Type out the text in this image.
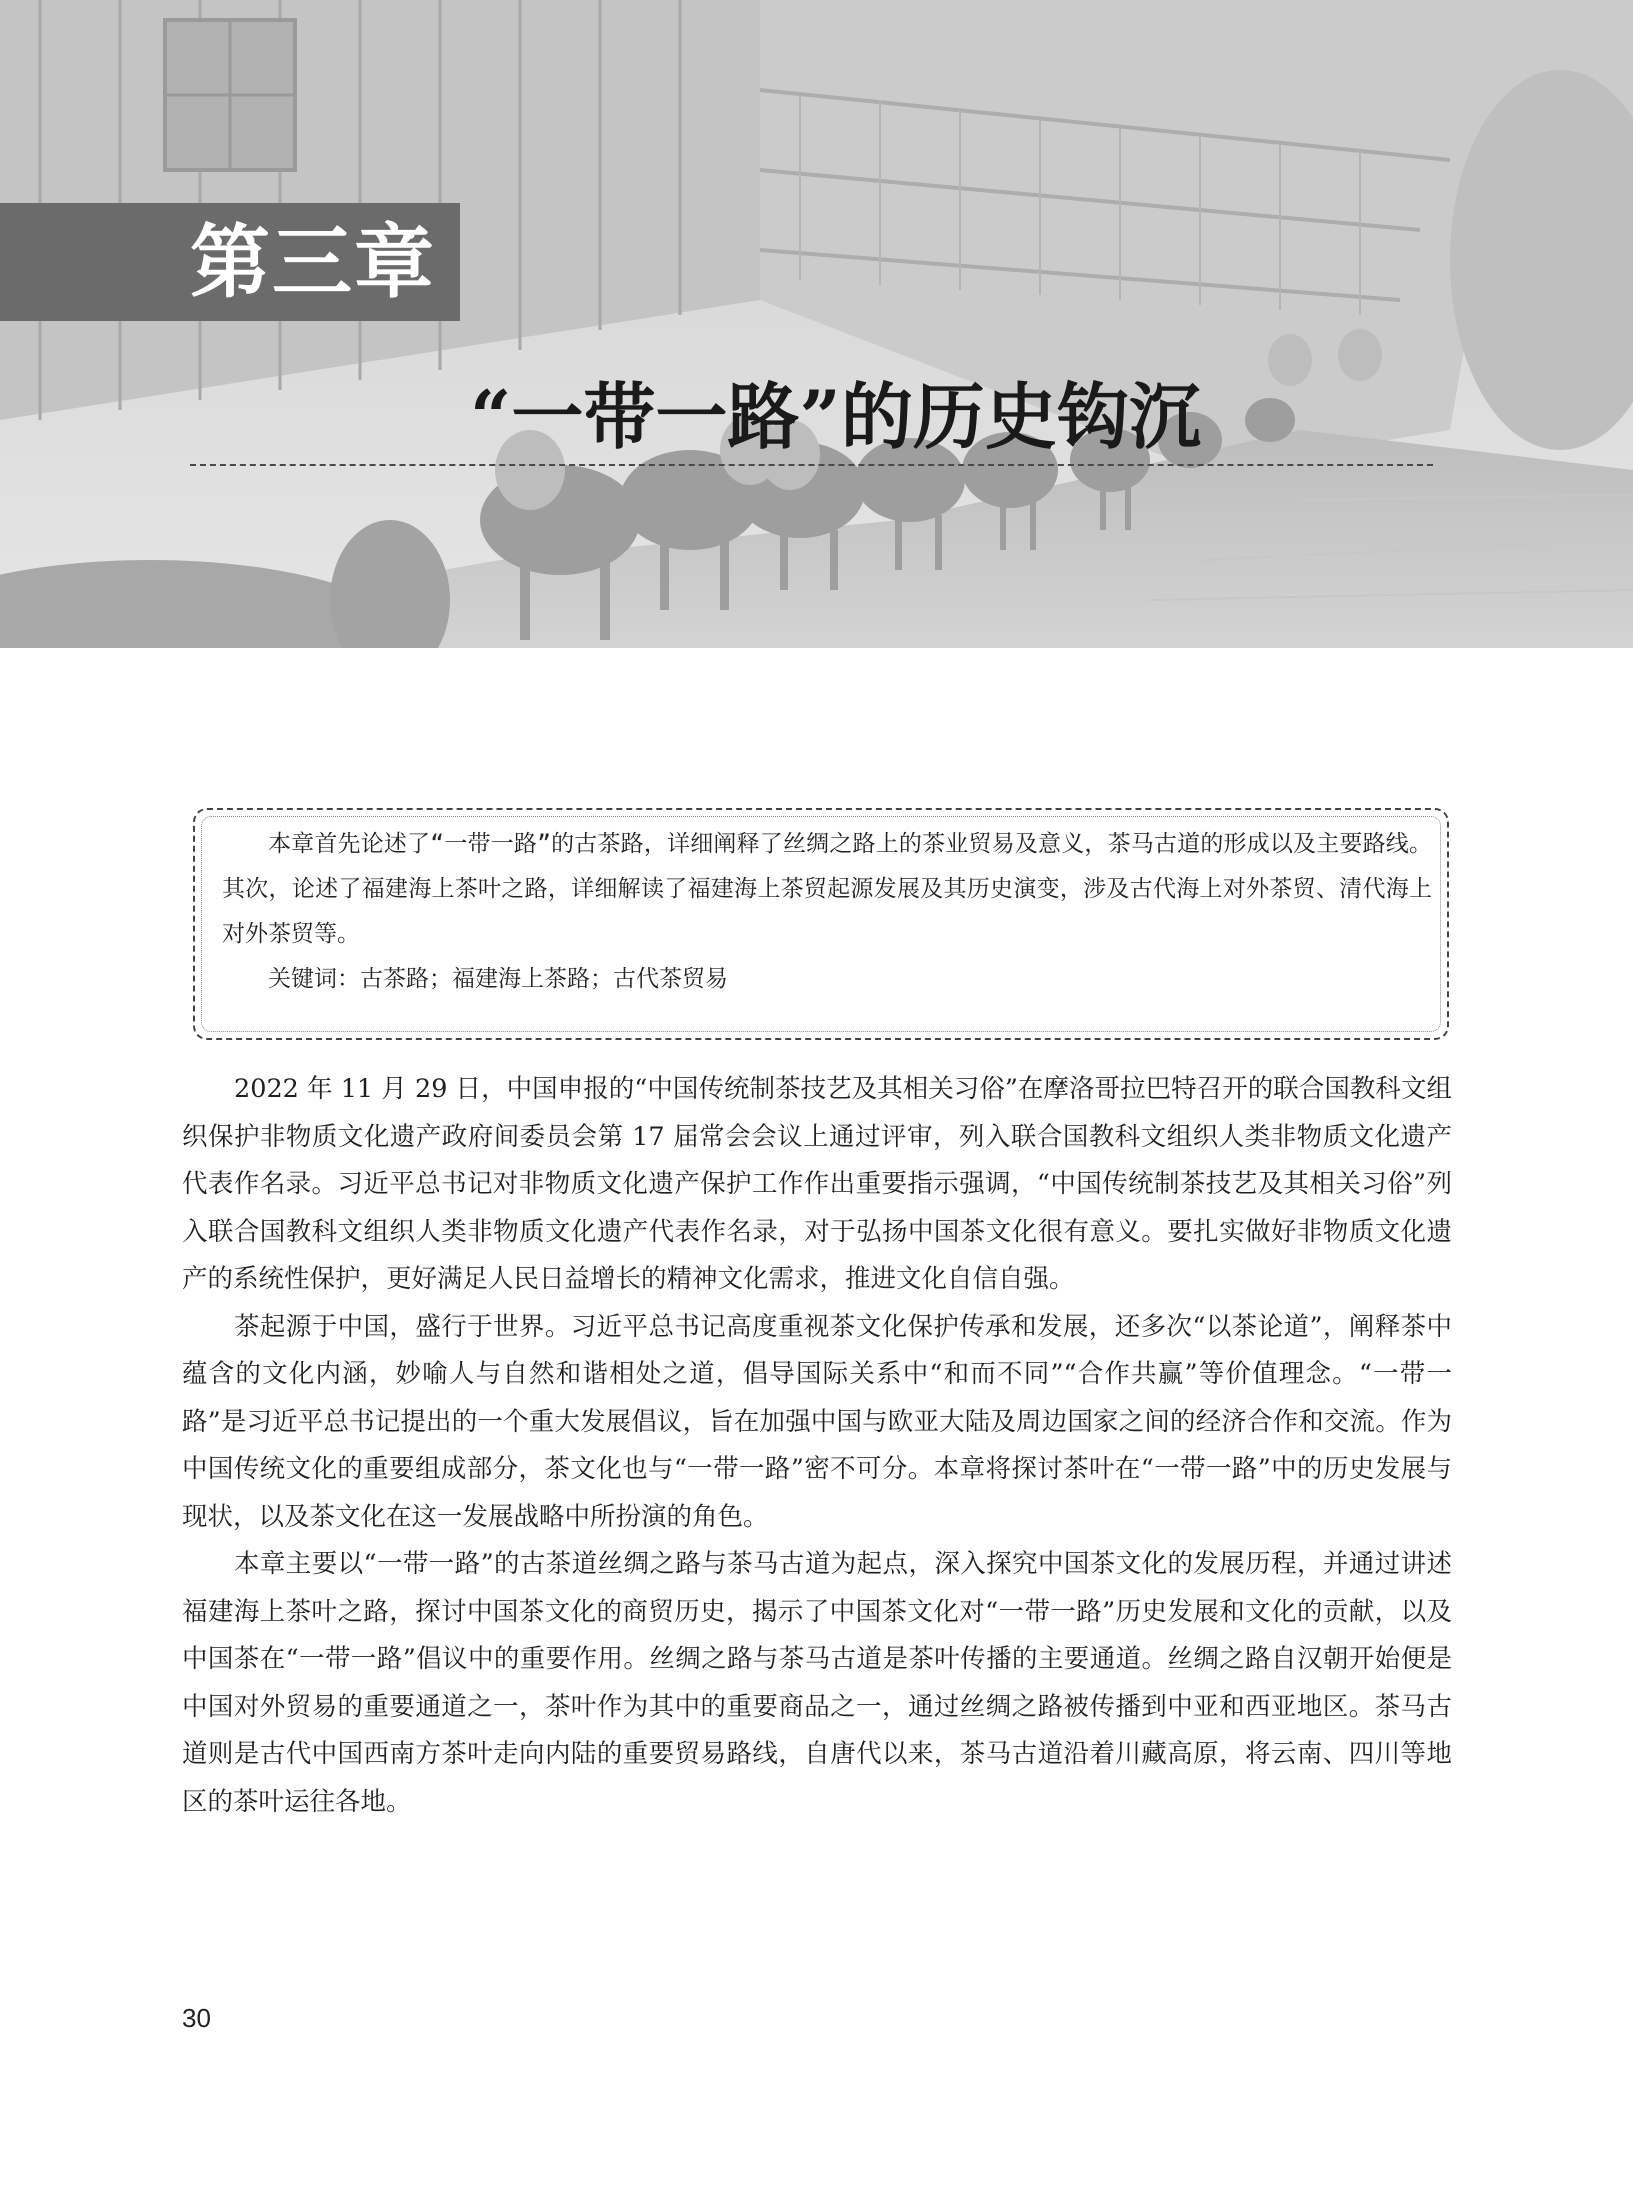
第三章
“一带一路”的历史钩沉

本章首先论述了“一带一路”的古茶路，详细阐释了丝绸之路上的茶业贸易及意义，茶马古道的形成以及主要路线。其次，论述了福建海上茶叶之路，详细解读了福建海上茶贸起源发展及其历史演变，涉及古代海上对外茶贸、清代海上对外茶贸等。

关键词：古茶路；福建海上茶路；古代茶贸易

2022 年 11 月 29 日，中国申报的“中国传统制茶技艺及其相关习俗”在摩洛哥拉巴特召开的联合国教科文组织保护非物质文化遗产政府间委员会第 17 届常会会议上通过评审，列入联合国教科文组织人类非物质文化遗产代表作名录。习近平总书记对非物质文化遗产保护工作作出重要指示强调，“中国传统制茶技艺及其相关习俗”列入联合国教科文组织人类非物质文化遗产代表作名录，对于弘扬中国茶文化很有意义。要扎实做好非物质文化遗产的系统性保护，更好满足人民日益增长的精神文化需求，推进文化自信自强。

茶起源于中国，盛行于世界。习近平总书记高度重视茶文化保护传承和发展，还多次“以茶论道”，阐释茶中蕴含的文化内涵，妙喻人与自然和谐相处之道，倡导国际关系中“和而不同”“合作共赢”等价值理念。“一带一路”是习近平总书记提出的一个重大发展倡议，旨在加强中国与欧亚大陆及周边国家之间的经济合作和交流。作为中国传统文化的重要组成部分，茶文化也与“一带一路”密不可分。本章将探讨茶叶在“一带一路”中的历史发展与现状，以及茶文化在这一发展战略中所扮演的角色。

本章主要以“一带一路”的古茶道丝绸之路与茶马古道为起点，深入探究中国茶文化的发展历程，并通过讲述福建海上茶叶之路，探讨中国茶文化的商贸历史，揭示了中国茶文化对“一带一路”历史发展和文化的贡献，以及中国茶在“一带一路”倡议中的重要作用。丝绸之路与茶马古道是茶叶传播的主要通道。丝绸之路自汉朝开始便是中国对外贸易的重要通道之一，茶叶作为其中的重要商品之一，通过丝绸之路被传播到中亚和西亚地区。茶马古道则是古代中国西南方茶叶走向内陆的重要贸易路线，自唐代以来，茶马古道沿着川藏高原，将云南、四川等地区的茶叶运往各地。

30
